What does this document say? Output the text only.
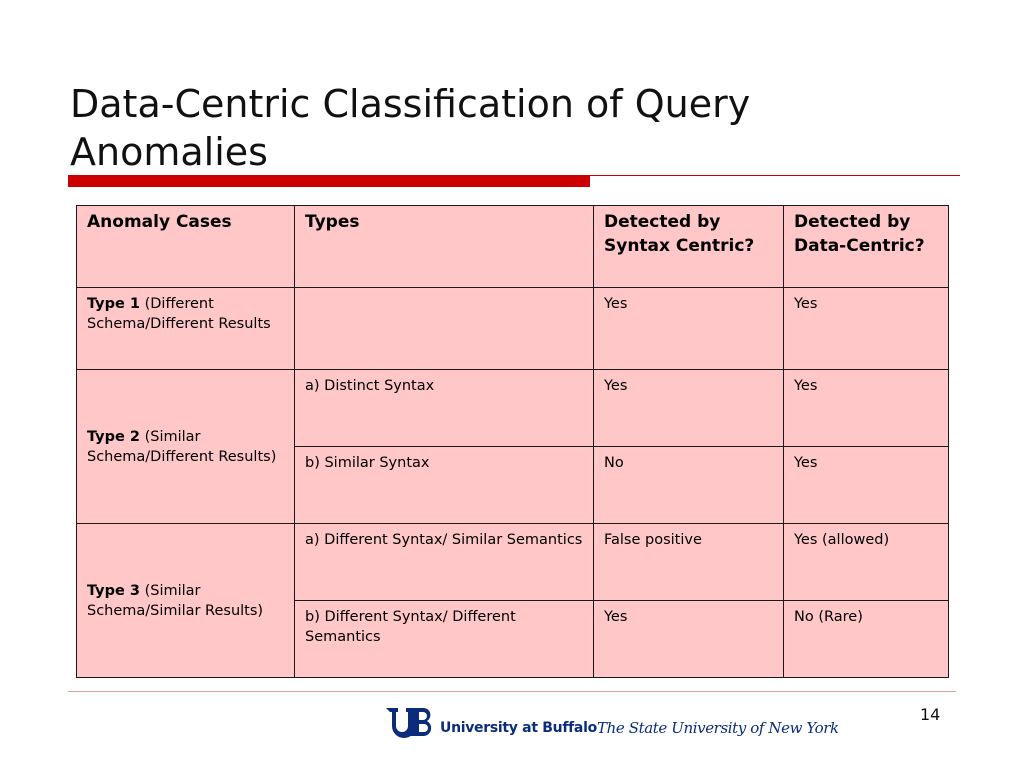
Data-Centric Classification of Query Anomalies
Anomaly Cases	Types	Detected by Syntax Centric?	Detected by Data-Centric?
Type 1 (Different Schema/Different Results		Yes	Yes
Type 2 (Similar Schema/Different Results)	a) Distinct Syntax	Yes	Yes
	b) Similar Syntax	No	Yes
Type 3 (Similar Schema/Similar Results)	a) Different Syntax/ Similar Semantics	False positive	Yes (allowed)
	b) Different Syntax/ Different Semantics	Yes	No (Rare)
University at Buffalo The State University of New York
14
